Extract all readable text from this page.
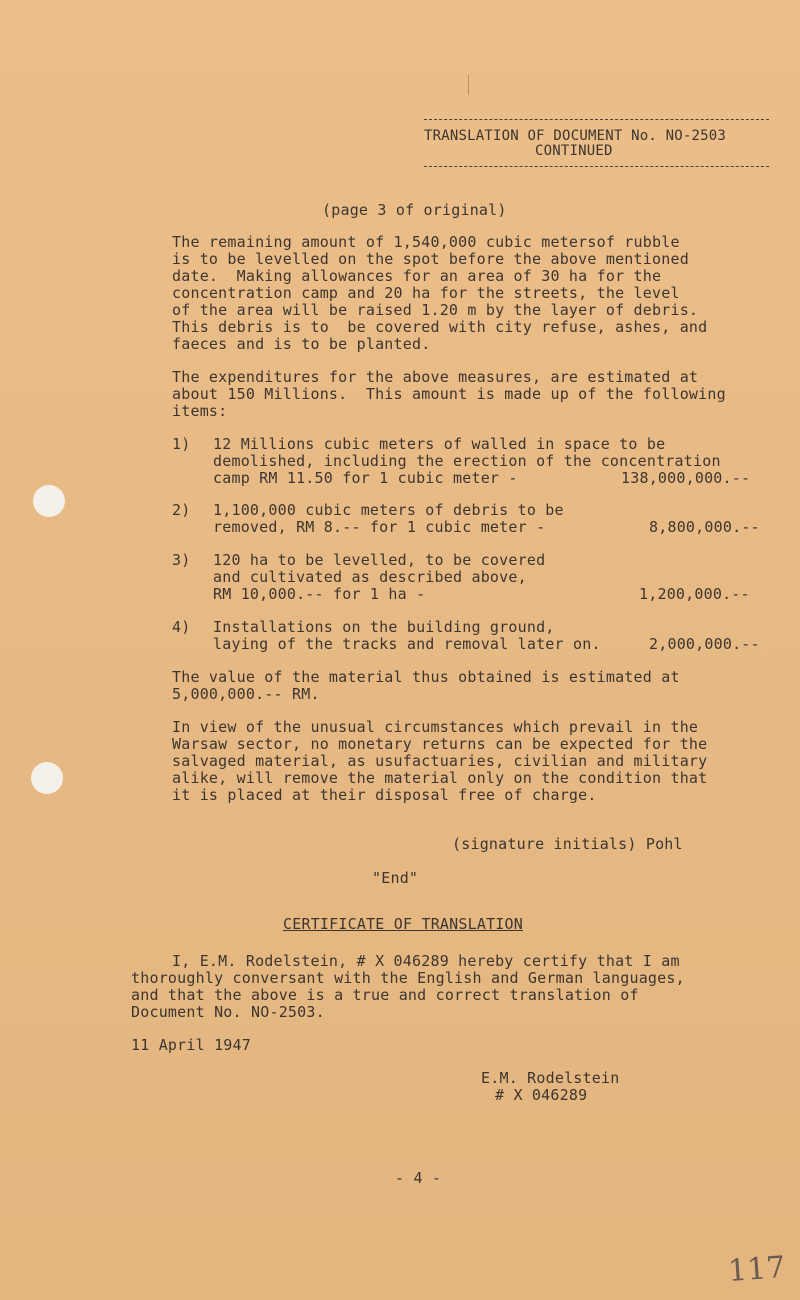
TRANSLATION OF DOCUMENT No. NO-2503
CONTINUED
(page 3 of original)
The remaining amount of 1,540,000 cubic metersof rubble
is to be levelled on the spot before the above mentioned
date.  Making allowances for an area of 30 ha for the
concentration camp and 20 ha for the streets, the level
of the area will be raised 1.20 m by the layer of debris.
This debris is to  be covered with city refuse, ashes, and
faeces and is to be planted.
The expenditures for the above measures, are estimated at
about 150 Millions.  This amount is made up of the following
items:
1) 12 Millions cubic meters of walled in space to be
demolished, including the erection of the concentration
camp RM 11.50 for 1 cubic meter -	138,000,000.--
2) 1,100,000 cubic meters of debris to be
removed, RM 8.-- for 1 cubic meter -	8,800,000.--
3) 120 ha to be levelled, to be covered
and cultivated as described above,
RM 10,000.-- for 1 ha -	1,200,000.--
4) Installations on the building ground,
laying of the tracks and removal later on.	2,000,000.--
The value of the material thus obtained is estimated at
5,000,000.-- RM.
In view of the unusual circumstances which prevail in the
Warsaw sector, no monetary returns can be expected for the
salvaged material, as usufactuaries, civilian and military
alike, will remove the material only on the condition that
it is placed at their disposal free of charge.
(signature initials) Pohl
"End"
CERTIFICATE OF TRANSLATION
I, E.M. Rodelstein, # X 046289 hereby certify that I am
thoroughly conversant with the English and German languages,
and that the above is a true and correct translation of
Document No. NO-2503.
11 April 1947
E.M. Rodelstein
# X 046289
- 4 -
117
